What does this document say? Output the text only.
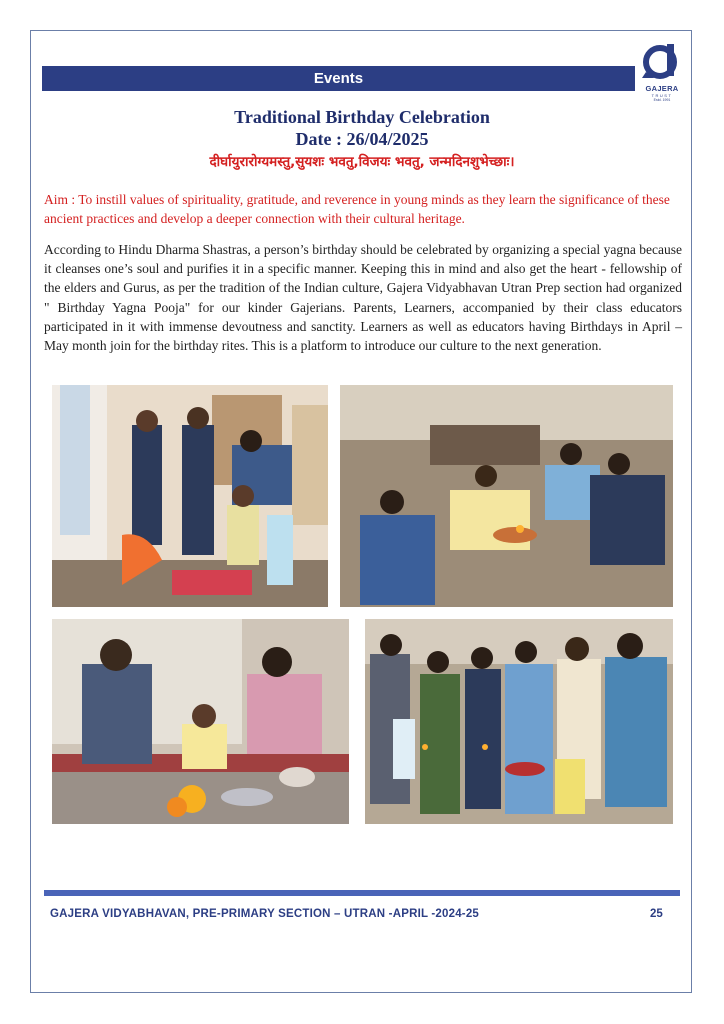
Events
GAJERA
TRUST
Estd. 1991
Traditional Birthday Celebration
Date : 26/04/2025
दीर्घायुरारोग्यमस्तु,सुयशः भवतु,विजयः भवतु, जन्मदिनशुभेच्छाः।
Aim : To instill values of spirituality, gratitude, and reverence in young minds as they learn the significance of these ancient practices and develop a deeper connection with their cultural heritage.
According to Hindu Dharma Shastras, a person’s birthday should be celebrated by organizing a special yagna because it cleanses one’s soul and purifies it in a specific manner. Keeping this in mind and also get the heart - fellowship of the elders and Gurus, as per the tradition of the Indian culture, Gajera Vidyabhavan Utran Prep section had organized " Birthday Yagna Pooja" for our kinder Gajerians. Parents, Learners, accompanied by their class educators participated in it with immense devoutness and sanctity. Learners as well as educators having Birthdays in April – May month join for the birthday rites. This is a platform to introduce our culture to the next generation.
GAJERA VIDYABHAVAN, PRE-PRIMARY SECTION – UTRAN -APRIL -2024-25	25
